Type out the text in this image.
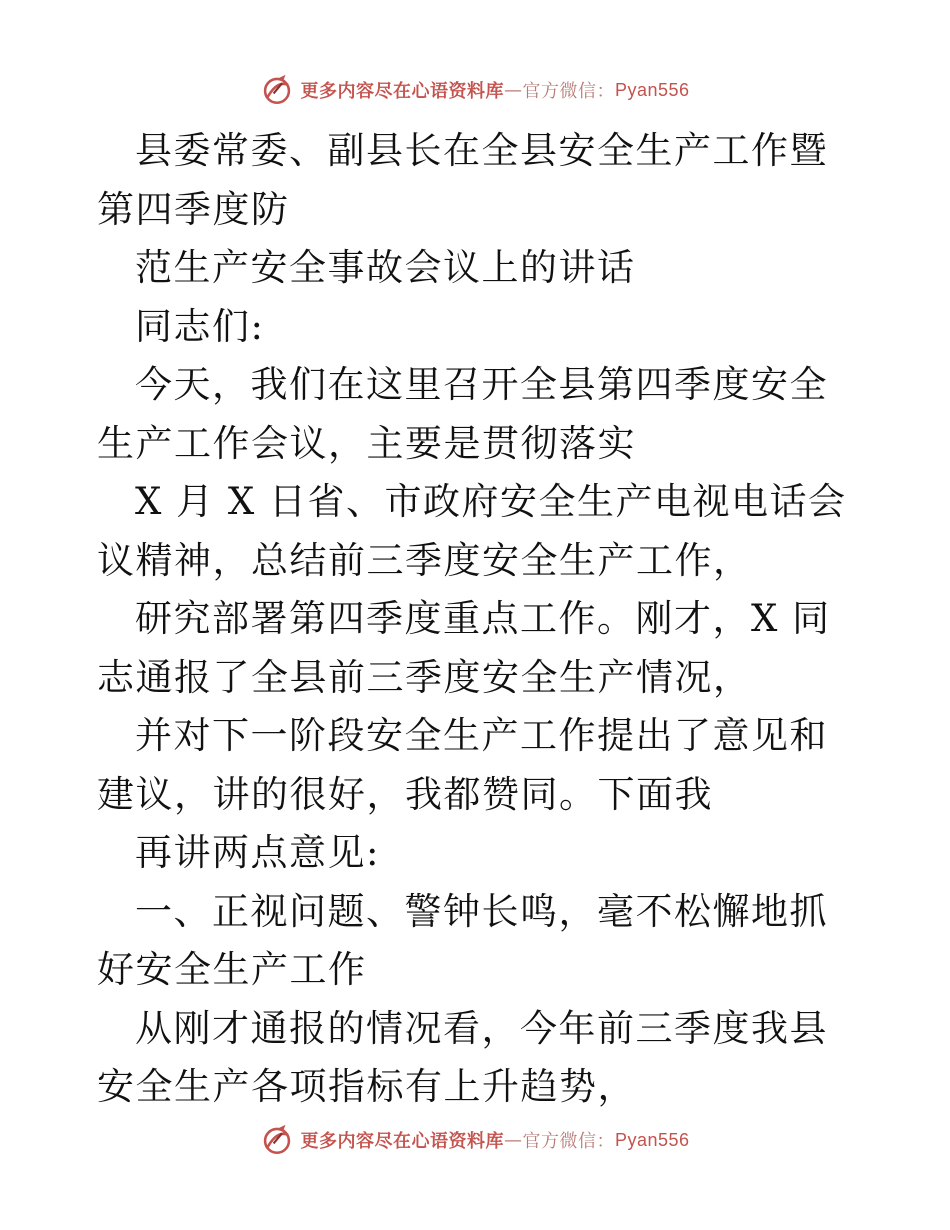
更多内容尽在心语资料库 — 官方微信： Pyan556

县委常委、副县长在全县安全生产工作暨第四季度防

范生产安全事故会议上的讲话

同志们:

今天，我们在这里召开全县第四季度安全生产工作会议，主要是贯彻落实

X 月 X 日省、市政府安全生产电视电话会议精神，总结前三季度安全生产工作，

研究部署第四季度重点工作。刚才，X 同志通报了全县前三季度安全生产情况，

并对下一阶段安全生产工作提出了意见和建议，讲的很好，我都赞同。下面我

再讲两点意见:

一、正视问题、警钟长鸣，毫不松懈地抓好安全生产工作

从刚才通报的情况看，今年前三季度我县安全生产各项指标有上升趋势，

更多内容尽在心语资料库 — 官方微信： Pyan556
